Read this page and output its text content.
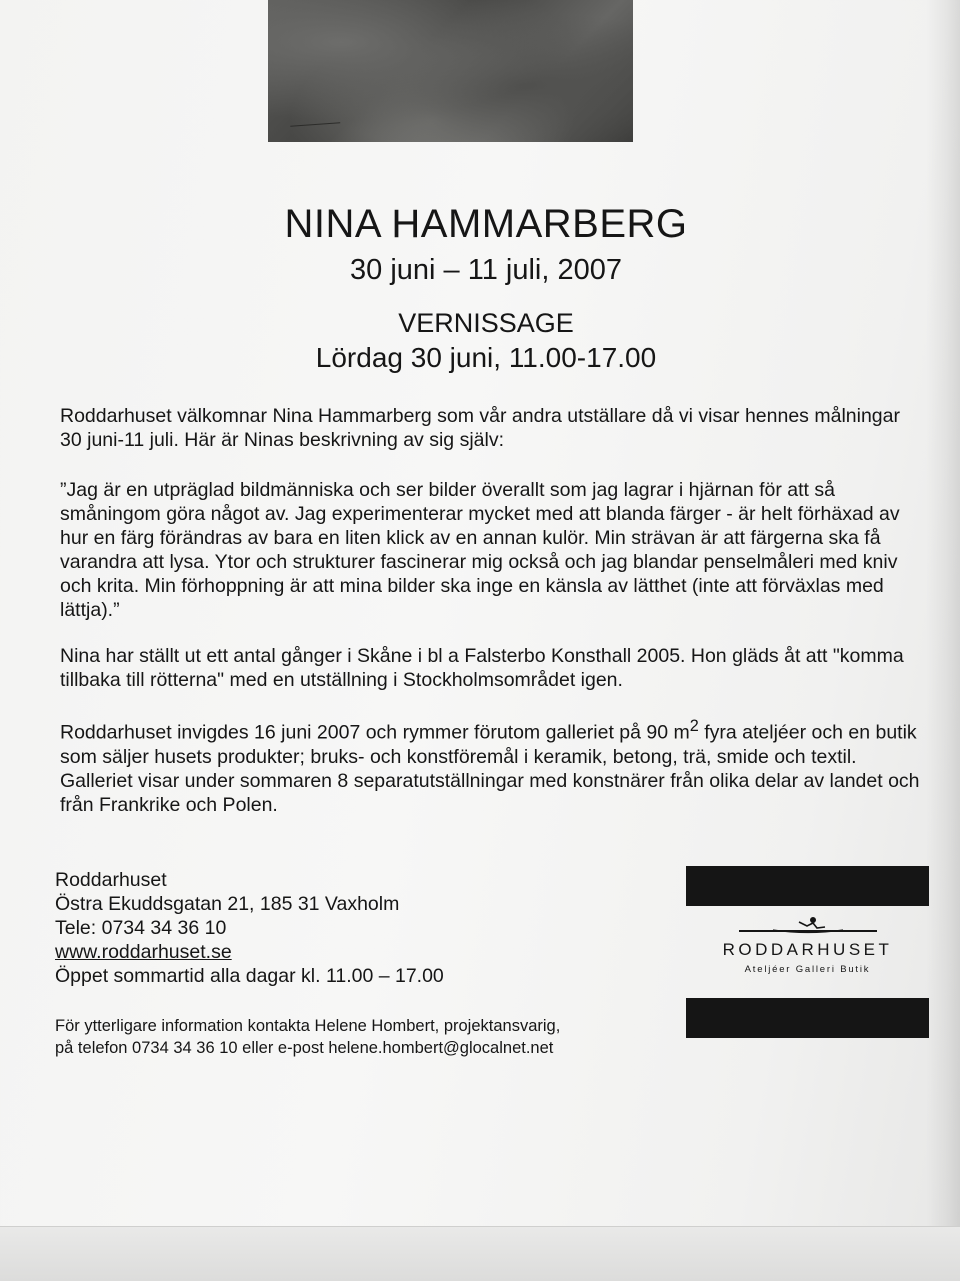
NINA HAMMARBERG
30 juni – 11 juli, 2007
VERNISSAGE
Lördag 30 juni, 11.00-17.00

Roddarhuset välkomnar Nina Hammarberg som vår andra utställare då vi visar hennes målningar 30 juni-11 juli. Här är Ninas beskrivning av sig själv:

”Jag är en utpräglad bildmänniska och ser bilder överallt som jag lagrar i hjärnan för att så småningom göra något av. Jag experimenterar mycket med att blanda färger - är helt förhäxad av hur en färg förändras av bara en liten klick av en annan kulör. Min strävan är att färgerna ska få varandra att lysa. Ytor och strukturer fascinerar mig också och jag blandar penselmåleri med kniv och krita. Min förhoppning är att mina bilder ska inge en känsla av lätthet (inte att förväxlas med lättja).”

Nina har ställt ut ett antal gånger i Skåne i bl a Falsterbo Konsthall 2005. Hon gläds åt att "komma tillbaka till rötterna" med en utställning i Stockholmsområdet igen.

Roddarhuset invigdes 16 juni 2007 och rymmer förutom galleriet på 90 $m^2$ fyra ateljéer och en butik som säljer husets produkter; bruks- och konstföremål i keramik, betong, trä, smide och textil. Galleriet visar under sommaren 8 separatutställningar med konstnärer från olika delar av landet och från Frankrike och Polen.

Roddarhuset
Östra Ekuddsgatan 21, 185 31 Vaxholm
Tele: 0734 34 36 10
www.roddarhuset.se
Öppet sommartid alla dagar kl. 11.00 – 17.00
För ytterligare information kontakta Helene Hombert, projektansvarig,
på telefon 0734 34 36 10 eller e-post helene.hombert@glocalnet.net
RODDARHUSET
Ateljéer Galleri Butik
